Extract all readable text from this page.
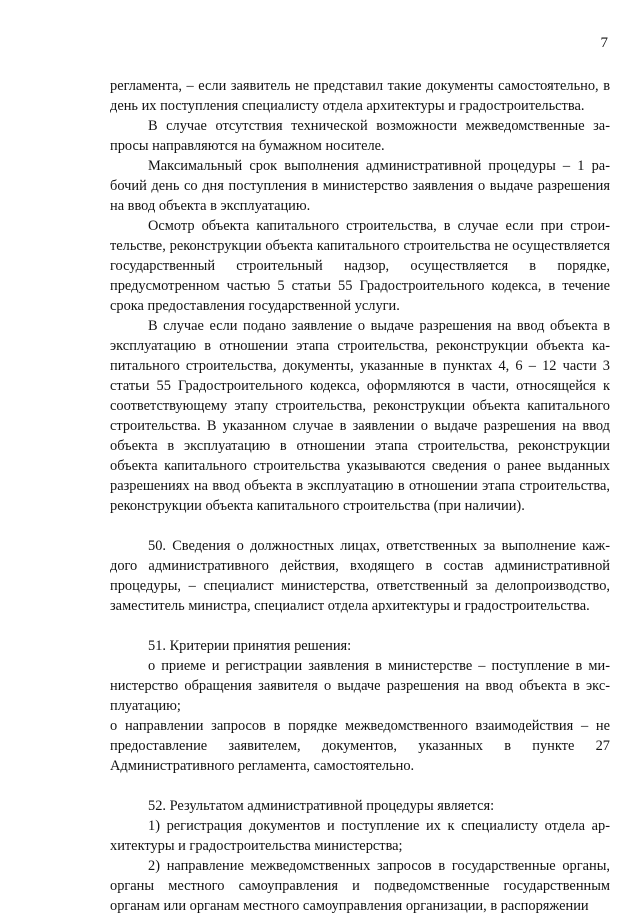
7

регламента, – если заявитель не представил такие документы самостоятельно, в день их поступления специалисту отдела архитектуры и градостроительства.

В случае отсутствия технической возможности межведомственные запросы направляются на бумажном носителе.

Максимальный срок выполнения административной процедуры – 1 рабочий день со дня поступления в министерство заявления о выдаче разрешения на ввод объекта в эксплуатацию.

Осмотр объекта капитального строительства, в случае если при строительстве, реконструкции объекта капитального строительства не осуществляется государственный строительный надзор, осуществляется в порядке, предусмотренном частью 5 статьи 55 Градостроительного кодекса, в течение срока предоставления государственной услуги.

В случае если подано заявление о выдаче разрешения на ввод объекта в эксплуатацию в отношении этапа строительства, реконструкции объекта капитального строительства, документы, указанные в пунктах 4, 6 – 12 части 3 статьи 55 Градостроительного кодекса, оформляются в части, относящейся к соответствующему этапу строительства, реконструкции объекта капитального строительства. В указанном случае в заявлении о выдаче разрешения на ввод объекта в эксплуатацию в отношении этапа строительства, реконструкции объекта капитального строительства указываются сведения о ранее выданных разрешениях на ввод объекта в эксплуатацию в отношении этапа строительства, реконструкции объекта капитального строительства (при наличии).

50. Сведения о должностных лицах, ответственных за выполнение каждого административного действия, входящего в состав административной процедуры, – специалист министерства, ответственный за делопроизводство, заместитель министра, специалист отдела архитектуры и градостроительства.

51. Критерии принятия решения:

о приеме и регистрации заявления в министерстве – поступление в министерство обращения заявителя о выдаче разрешения на ввод объекта в эксплуатацию;

о направлении запросов в порядке межведомственного взаимодействия – не предоставление заявителем, документов, указанных в пункте 27 Административного регламента, самостоятельно.

52. Результатом административной процедуры является:

1) регистрация документов и поступление их к специалисту отдела архитектуры и градостроительства министерства;

2) направление межведомственных запросов в государственные органы, органы местного самоуправления и подведомственные государственным органам или органам местного самоуправления организации, в распоряжении
